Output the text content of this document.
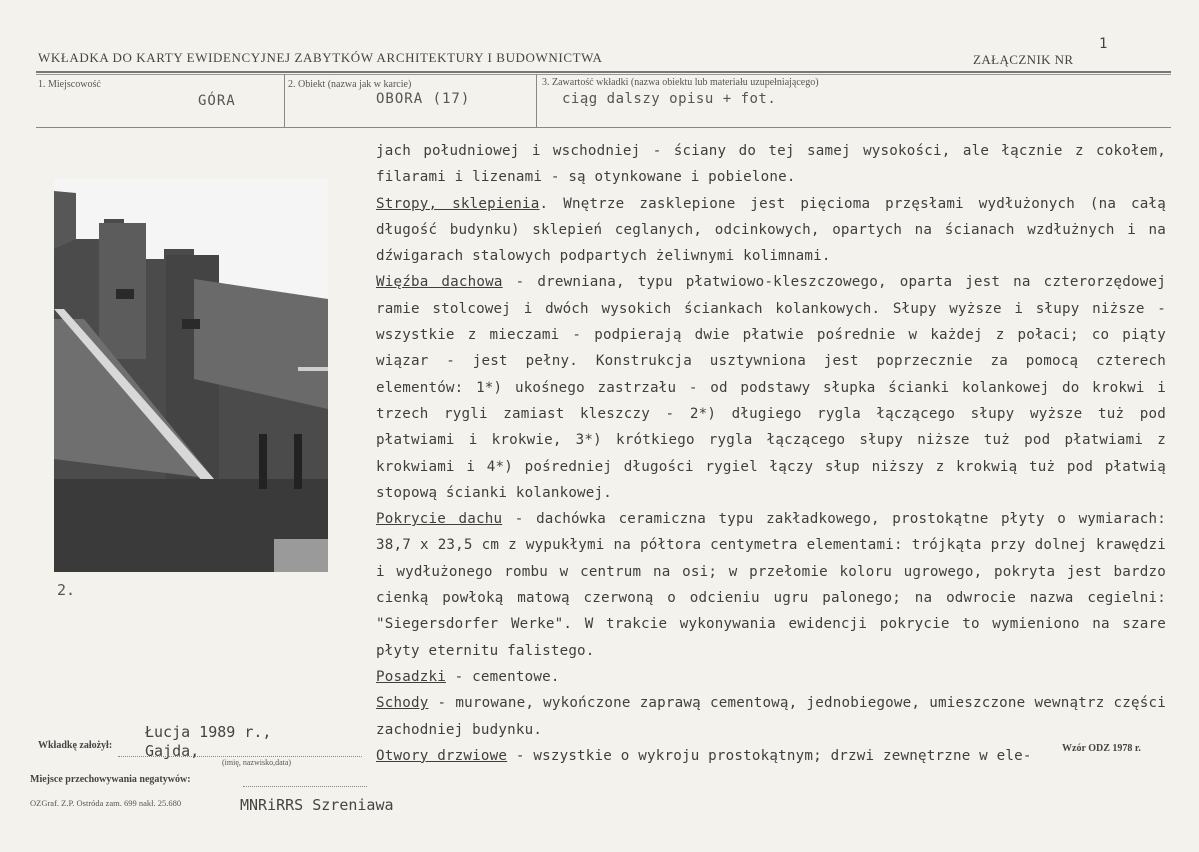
WKŁADKA DO KARTY EWIDENCYJNEJ ZABYTKÓW ARCHITEKTURY I BUDOWNICTWA	ZAŁĄCZNIK NR
1
1. Miejscowość
GÓRA
2. Obiekt (nazwa jak w karcie)
OBORA (17)
3. Zawartość wkładki (nazwa obiektu lub materiału uzupełniającego)
ciąg dalszy opisu + fot.
2.

jach południowej i wschodniej - ściany do tej samej wysokości, ale łącznie z cokołem, filarami i lizenami - są otynkowane i pobielone.

Stropy, sklepienia. Wnętrze zasklepione jest pięcioma przęsłami wydłużonych (na całą długość budynku) sklepień ceglanych, odcinkowych, opartych na ścianach wzdłużnych i na dźwigarach stalowych podpartych żeliwnymi kolimnami.

Więźba dachowa - drewniana, typu płatwiowo-kleszczowego, oparta jest na czterorzędowej ramie stolcowej i dwóch wysokich ściankach kolankowych. Słupy wyższe i słupy niższe - wszystkie z mieczami - podpierają dwie płatwie pośrednie w każdej z połaci; co piąty wiązar - jest pełny. Konstrukcja usztywniona jest poprzecznie za pomocą czterech elementów: 1*) ukośnego zastrzału - od podstawy słupka ścianki kolankowej do krokwi i trzech rygli zamiast kleszczy - 2*) długiego rygla łączącego słupy wyższe tuż pod płatwiami i krokwie, 3*) krótkiego rygla łączącego słupy niższe tuż pod płatwiami z krokwiami i 4*) pośredniej długości rygiel łączy słup niższy z krokwią tuż pod płatwią stopową ścianki kolankowej.

Pokrycie dachu - dachówka ceramiczna typu zakładkowego, prostokątne płyty o wymiarach: 38,7 x 23,5 cm z wypukłymi na półtora centymetra elementami: trójkąta przy dolnej krawędzi i wydłużonego rombu w centrum na osi; w przełomie koloru ugrowego, pokryta jest bardzo cienką powłoką matową czerwoną o odcieniu ugru palonego; na odwrocie nazwa cegielni: "Siegersdorfer Werke". W trakcie wykonywania ewidencji pokrycie to wymieniono na szare płyty eternitu falistego.

Posadzki - cementowe.

Schody - murowane, wykończone zaprawą cementową, jednobiegowe, umieszczone wewnątrz części zachodniej budynku.

Otwory drzwiowe - wszystkie o wykroju prostokątnym; drzwi zewnętrzne w ele-

Wkładkę założył:
Łucja 1989 r.,
Gajda,
(imię, nazwisko,data)
Wzór ODZ 1978 r.
Miejsce przechowywania negatywów:
OZGraf. Z.P. Ostróda zam. 699 nakł. 25.680	MNRiRRS Szreniawa
